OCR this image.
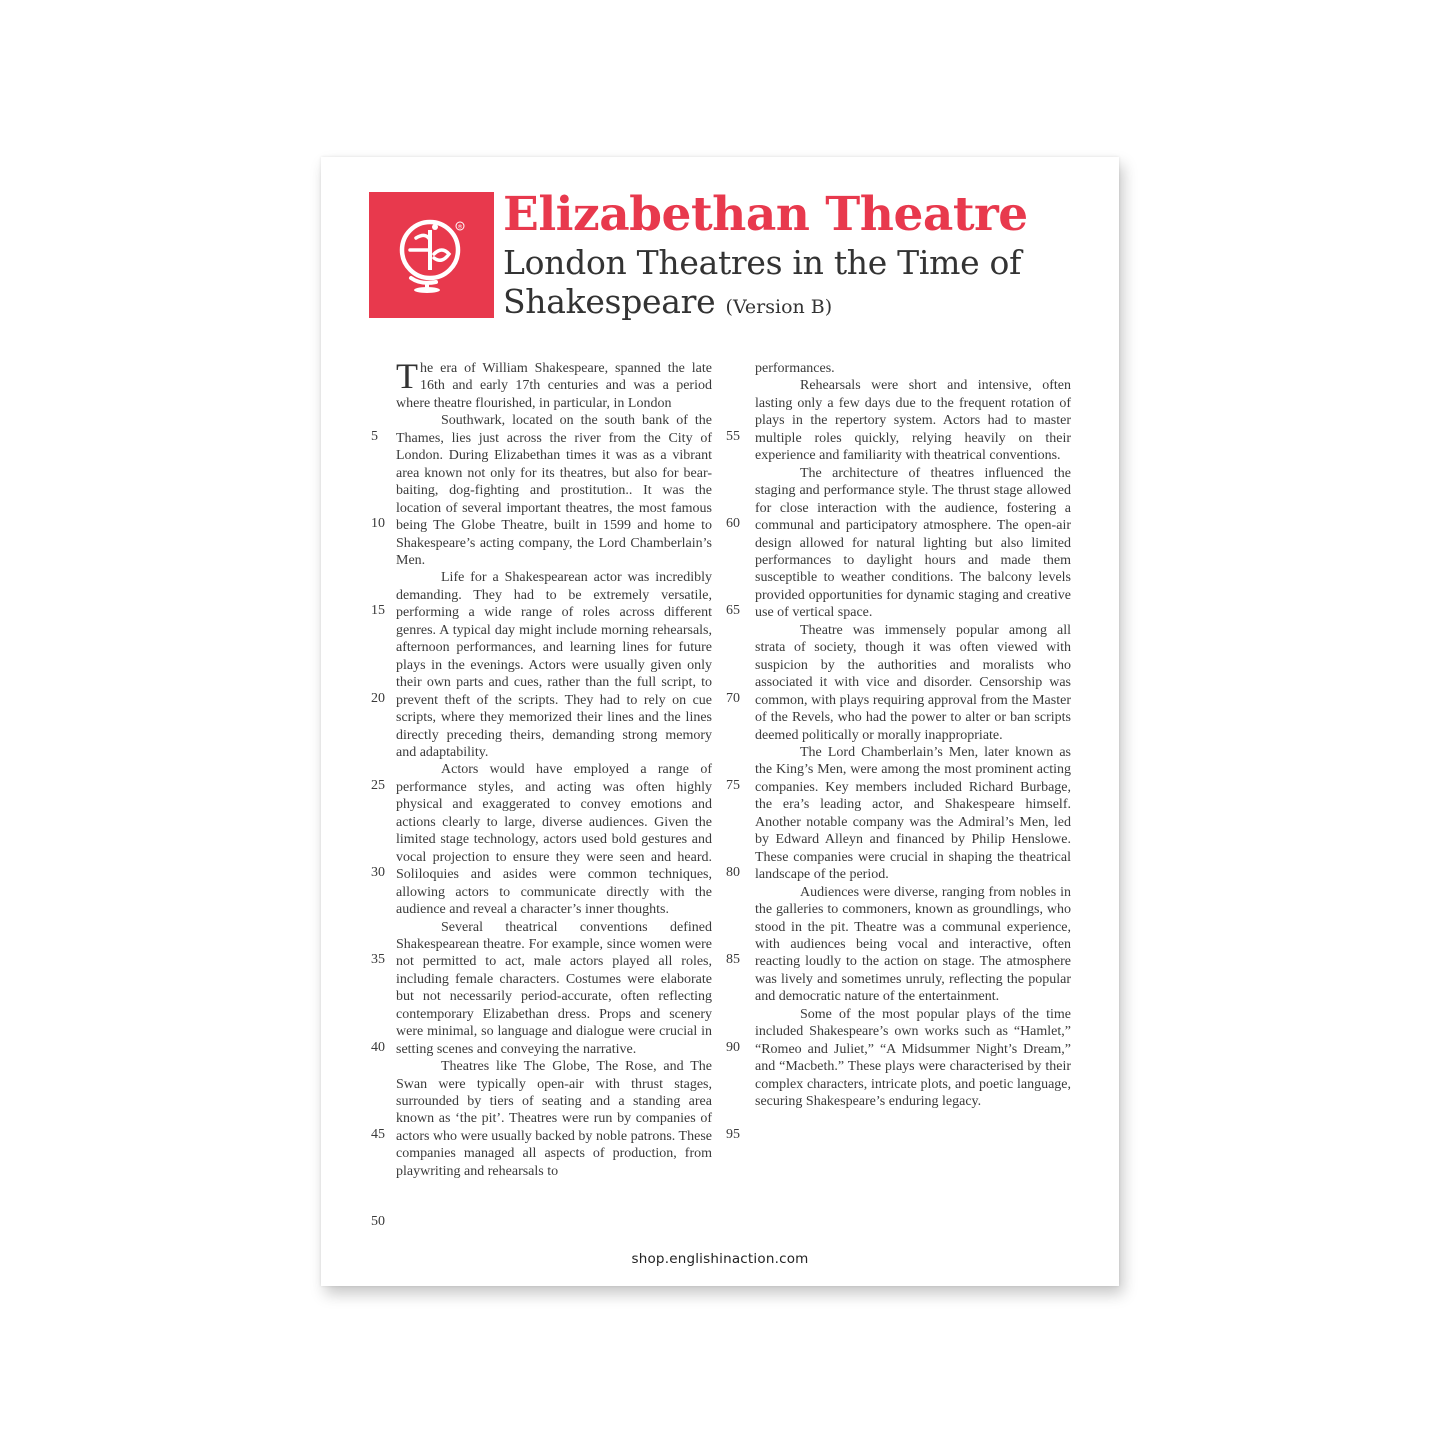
® Elizabethan Theatre
London Theatres in the Time of Shakespeare (Version B)

The era of William Shakespeare, spanned the late 16th and early 17th centuries and was a period where theatre flourished, in particular, in London

Southwark, located on the south bank of the Thames, lies just across the river from the City of London. During Elizabethan times it was as a vibrant area known not only for its theatres, but also for bear-baiting, dog-fighting and prostitution.. It was the location of several important theatres, the most famous being The Globe Theatre, built in 1599 and home to Shakespeare’s acting company, the Lord Chamberlain’s Men.

Life for a Shakespearean actor was incredibly demanding. They had to be extremely versatile, performing a wide range of roles across different genres. A typical day might include morning rehearsals, afternoon performances, and learning lines for future plays in the evenings. Actors were usually given only their own parts and cues, rather than the full script, to prevent theft of the scripts. They had to rely on cue scripts, where they memorized their lines and the lines directly preceding theirs, demanding strong memory and adaptability.

Actors would have employed a range of performance styles, and acting was often highly physical and exaggerated to convey emotions and actions clearly to large, diverse audiences. Given the limited stage technology, actors used bold gestures and vocal projection to ensure they were seen and heard. Soliloquies and asides were common techniques, allowing actors to communicate directly with the audience and reveal a character’s inner thoughts.

Several theatrical conventions defined Shakespearean theatre. For example, since women were not permitted to act, male actors played all roles, including female characters. Costumes were elaborate but not necessarily period-accurate, often reflecting contemporary Elizabethan dress. Props and scenery were minimal, so language and dialogue were crucial in setting scenes and conveying the narrative.

Theatres like The Globe, The Rose, and The Swan were typically open-air with thrust stages, surrounded by tiers of seating and a standing area known as ‘the pit’. Theatres were run by companies of actors who were usually backed by noble patrons. These companies managed all aspects of production, from playwriting and rehearsals to

performances.

Rehearsals were short and intensive, often lasting only a few days due to the frequent rotation of plays in the repertory system. Actors had to master multiple roles quickly, relying heavily on their experience and familiarity with theatrical conventions.

The architecture of theatres influenced the staging and performance style. The thrust stage allowed for close interaction with the audience, fostering a communal and participatory atmosphere. The open-air design allowed for natural lighting but also limited performances to daylight hours and made them susceptible to weather conditions. The balcony levels provided opportunities for dynamic staging and creative use of vertical space.

Theatre was immensely popular among all strata of society, though it was often viewed with suspicion by the authorities and moralists who associated it with vice and disorder. Censorship was common, with plays requiring approval from the Master of the Revels, who had the power to alter or ban scripts deemed politically or morally inappropriate.

The Lord Chamberlain’s Men, later known as the King’s Men, were among the most prominent acting companies. Key members included Richard Burbage, the era’s leading actor, and Shakespeare himself. Another notable company was the Admiral’s Men, led by Edward Alleyn and financed by Philip Henslowe. These companies were crucial in shaping the theatrical landscape of the period.

Audiences were diverse, ranging from nobles in the galleries to commoners, known as groundlings, who stood in the pit. Theatre was a communal experience, with audiences being vocal and interactive, often reacting loudly to the action on stage. The atmosphere was lively and sometimes unruly, reflecting the popular and democratic nature of the entertainment.

Some of the most popular plays of the time included Shakespeare’s own works such as “Hamlet,” “Romeo and Juliet,” “A Midsummer Night’s Dream,” and “Macbeth.” These plays were characterised by their complex characters, intricate plots, and poetic language, securing Shakespeare’s enduring legacy.

5
10
15
20
25
30
35
40
45
50
55
60
65
70
75
80
85
90
95
shop.englishinaction.com
